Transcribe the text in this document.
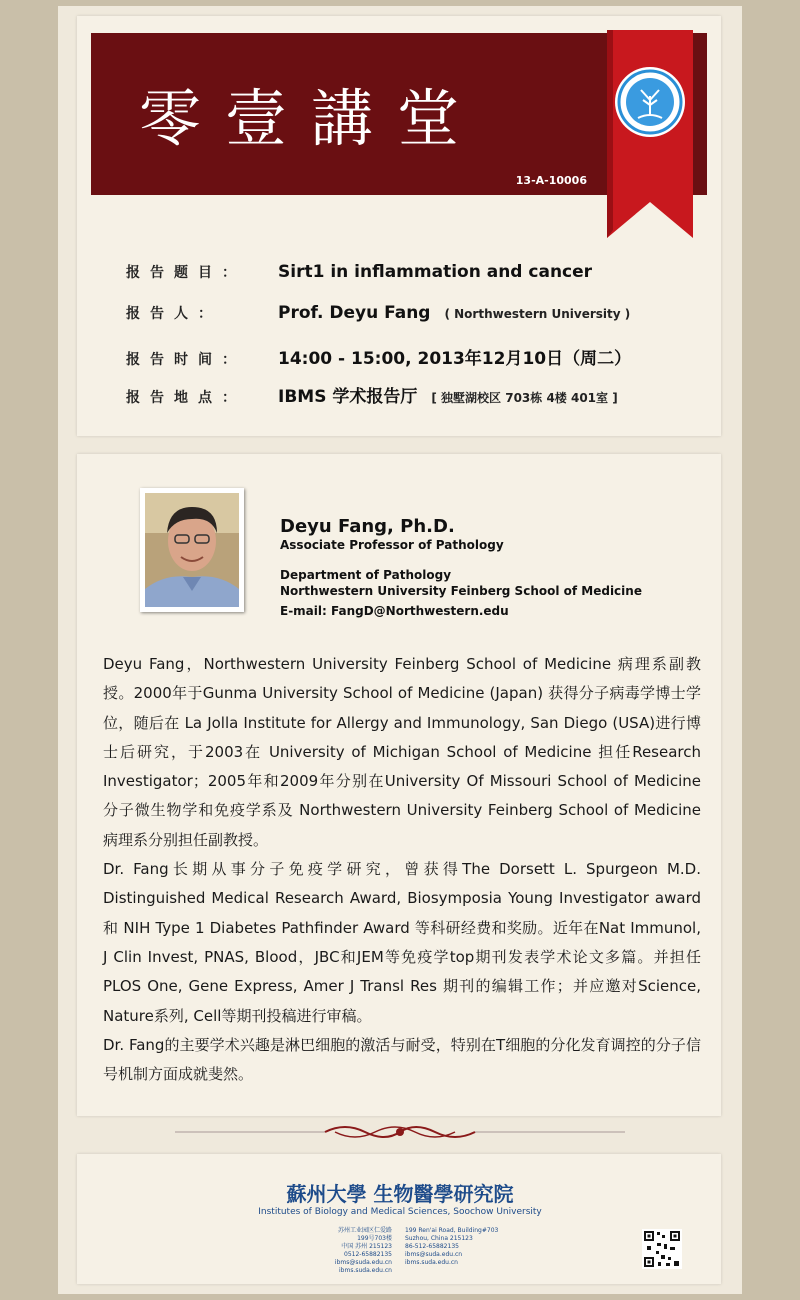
零壹講堂
13-A-10006
报告题目：	Sirt1 in inflammation and cancer
报告人：	Prof. Deyu Fang ( Northwestern University )
报告时间：	14:00 - 15:00, 2013年12月10日（周二）
报告地点：	IBMS 学术报告厅 [ 独墅湖校区 703栋 4楼 401室 ]
Deyu Fang, Ph.D.
Associate Professor of Pathology
Department of Pathology
Northwestern University Feinberg School of Medicine
E-mail: FangD@Northwestern.edu

Deyu Fang，Northwestern University Feinberg School of Medicine 病理系副教授。2000年于Gunma University School of Medicine (Japan) 获得分子病毒学博士学位，随后在 La Jolla Institute for Allergy and Immunology, San Diego (USA)进行博士后研究，于2003在 University of Michigan School of Medicine 担任Research Investigator；2005年和2009年分别在University Of Missouri School of Medicine 分子微生物学和免疫学系及 Northwestern University Feinberg School of Medicine 病理系分别担任副教授。

Dr. Fang长期从事分子免疫学研究，曾获得The Dorsett L. Spurgeon M.D. Distinguished Medical Research Award, Biosymposia Young Investigator award 和 NIH Type 1 Diabetes Pathfinder Award 等科研经费和奖励。近年在Nat Immunol, J Clin Invest, PNAS, Blood，JBC和JEM等免疫学top期刊发表学术论文多篇。并担任PLOS One, Gene Express, Amer J Transl Res 期刊的编辑工作；并应邀对Science, Nature系列, Cell等期刊投稿进行审稿。

Dr. Fang的主要学术兴趣是淋巴细胞的激活与耐受，特别在T细胞的分化发育调控的分子信号机制方面成就斐然。

蘇州大學 生物醫學研究院
Institutes of Biology and Medical Sciences, Soochow University
苏州工业园区仁爱路199号703楼
中国 苏州 215123
0512-65882135
ibms@suda.edu.cn
ibms.suda.edu.cn
199 Ren'ai Road, Building#703
Suzhou, China 215123
86-512-65882135
ibms@suda.edu.cn
ibms.suda.edu.cn
